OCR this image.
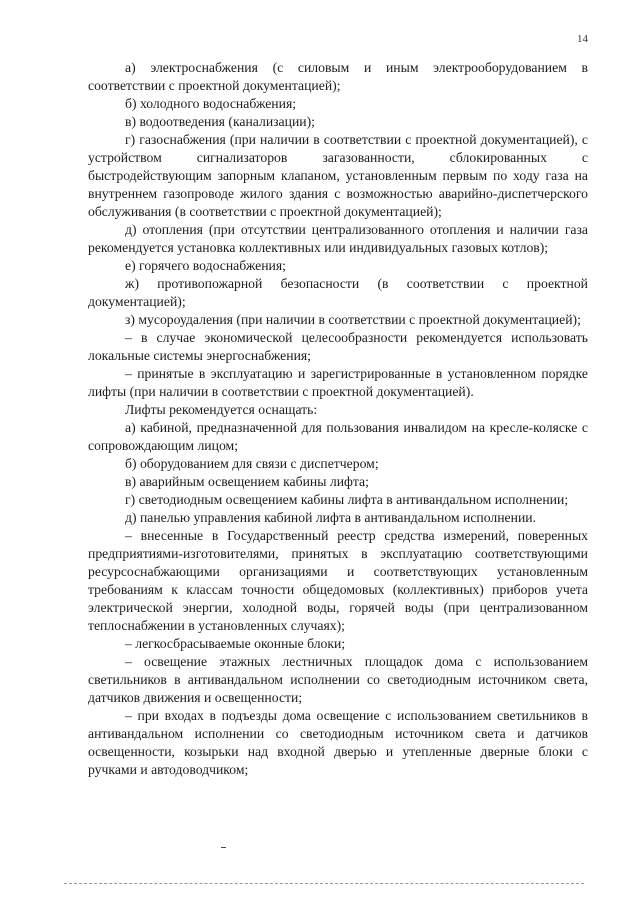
14

а) электроснабжения (с силовым и иным электрооборудованием в соответствии с проектной документацией);

б) холодного водоснабжения;

в) водоотведения (канализации);

г) газоснабжения (при наличии в соответствии с проектной документацией), с устройством сигнализаторов загазованности, сблокированных с быстродействующим запорным клапаном, установленным первым по ходу газа на внутреннем газопроводе жилого здания с возможностью аварийно-диспетчерского обслуживания (в соответствии с проектной документацией);

д) отопления (при отсутствии централизованного отопления и наличии газа рекомендуется установка коллективных или индивидуальных газовых котлов);

е) горячего водоснабжения;

ж) противопожарной безопасности (в соответствии с проектной документацией);

з) мусороудаления (при наличии в соответствии с проектной документацией);

– в случае экономической целесообразности рекомендуется использовать локальные системы энергоснабжения;

– принятые в эксплуатацию и зарегистрированные в установленном порядке лифты (при наличии в соответствии с проектной документацией).

Лифты рекомендуется оснащать:

а) кабиной, предназначенной для пользования инвалидом на кресле-коляске с сопровождающим лицом;

б) оборудованием для связи с диспетчером;

в) аварийным освещением кабины лифта;

г) светодиодным освещением кабины лифта в антивандальном исполнении;

д) панелью управления кабиной лифта в антивандальном исполнении.

– внесенные в Государственный реестр средства измерений, поверенных предприятиями-изготовителями, принятых в эксплуатацию соответствующими ресурсоснабжающими организациями и соответствующих установленным требованиям к классам точности общедомовых (коллективных) приборов учета электрической энергии, холодной воды, горячей воды (при централизованном теплоснабжении в установленных случаях);

– легкосбрасываемые оконные блоки;

– освещение этажных лестничных площадок дома с использованием светильников в антивандальном исполнении со светодиодным источником света, датчиков движения и освещенности;

– при входах в подъезды дома освещение с использованием светильников в антивандальном исполнении со светодиодным источником света и датчиков освещенности, козырьки над входной дверью и утепленные дверные блоки с ручками и автодоводчиком;
